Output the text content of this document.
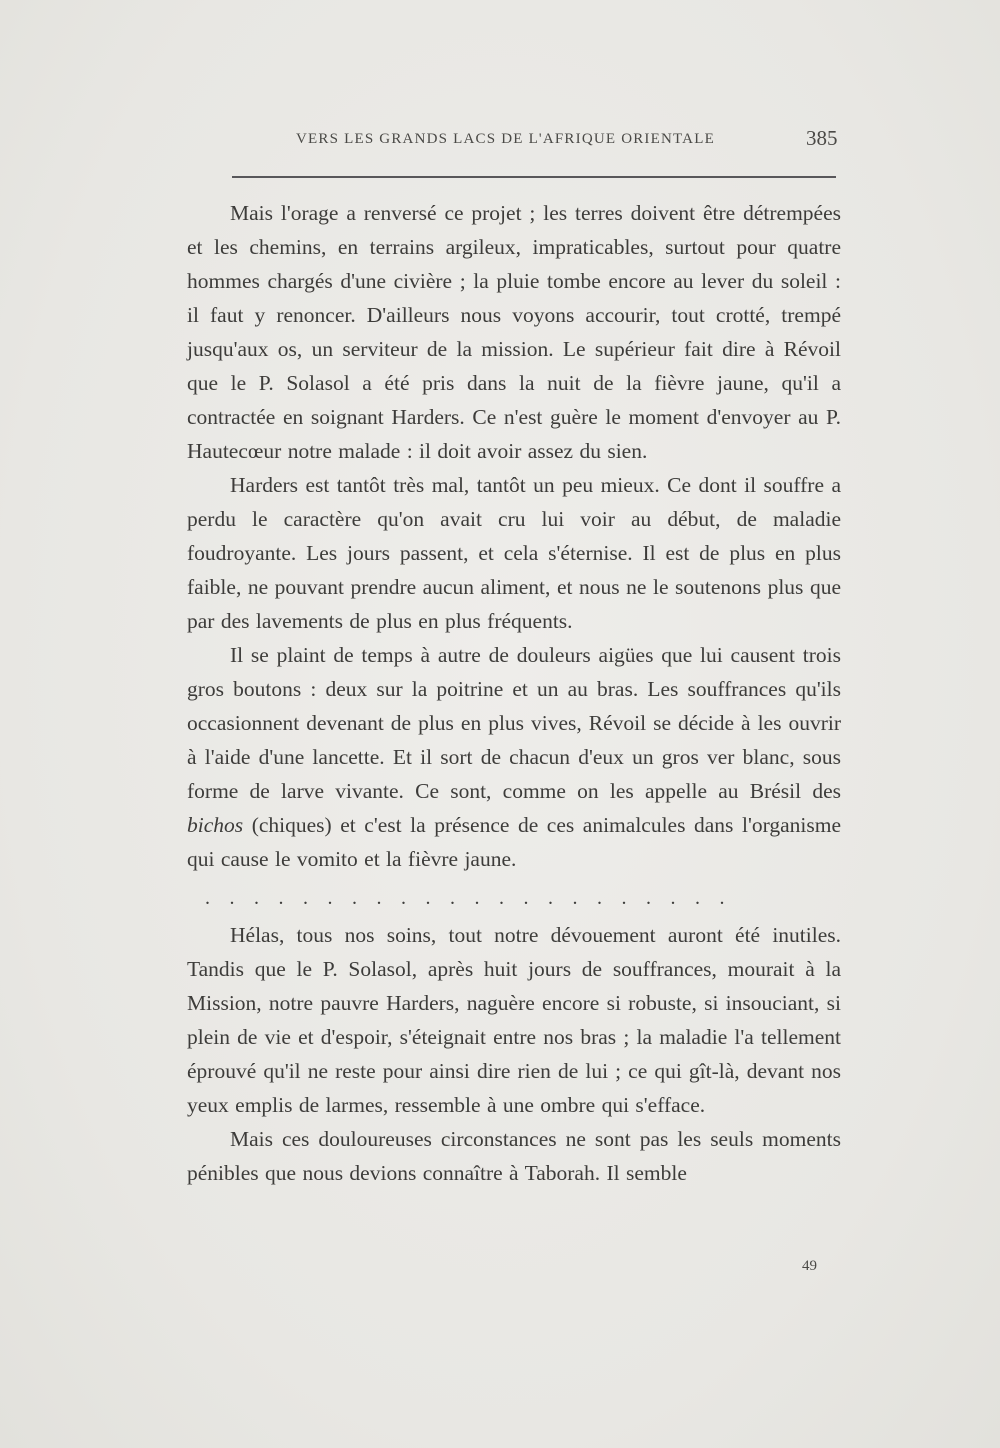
VERS LES GRANDS LACS DE L'AFRIQUE ORIENTALE	385

Mais l'orage a renversé ce projet ; les terres doivent être détrempées et les chemins, en terrains argileux, impraticables, surtout pour quatre hommes chargés d'une civière ; la pluie tombe encore au lever du soleil : il faut y renoncer. D'ailleurs nous voyons accourir, tout crotté, trempé jusqu'aux os, un serviteur de la mission. Le supérieur fait dire à Révoil que le P. Solasol a été pris dans la nuit de la fièvre jaune, qu'il a contractée en soignant Harders. Ce n'est guère le moment d'envoyer au P. Hautecœur notre malade : il doit avoir assez du sien.

Harders est tantôt très mal, tantôt un peu mieux. Ce dont il souffre a perdu le caractère qu'on avait cru lui voir au début, de maladie foudroyante. Les jours passent, et cela s'éternise. Il est de plus en plus faible, ne pouvant prendre aucun aliment, et nous ne le soutenons plus que par des lavements de plus en plus fréquents.

Il se plaint de temps à autre de douleurs aigües que lui causent trois gros boutons : deux sur la poitrine et un au bras. Les souffrances qu'ils occasionnent devenant de plus en plus vives, Révoil se décide à les ouvrir à l'aide d'une lancette. Et il sort de chacun d'eux un gros ver blanc, sous forme de larve vivante. Ce sont, comme on les appelle au Brésil des bichos (chiques) et c'est la présence de ces animalcules dans l'organisme qui cause le vomito et la fièvre jaune.

......................

Hélas, tous nos soins, tout notre dévouement auront été inutiles. Tandis que le P. Solasol, après huit jours de souffrances, mourait à la Mission, notre pauvre Harders, naguère encore si robuste, si insouciant, si plein de vie et d'espoir, s'éteignait entre nos bras ; la maladie l'a tellement éprouvé qu'il ne reste pour ainsi dire rien de lui ; ce qui gît-là, devant nos yeux emplis de larmes, ressemble à une ombre qui s'efface.

Mais ces douloureuses circonstances ne sont pas les seuls moments pénibles que nous devions connaître à Taborah. Il semble

49
